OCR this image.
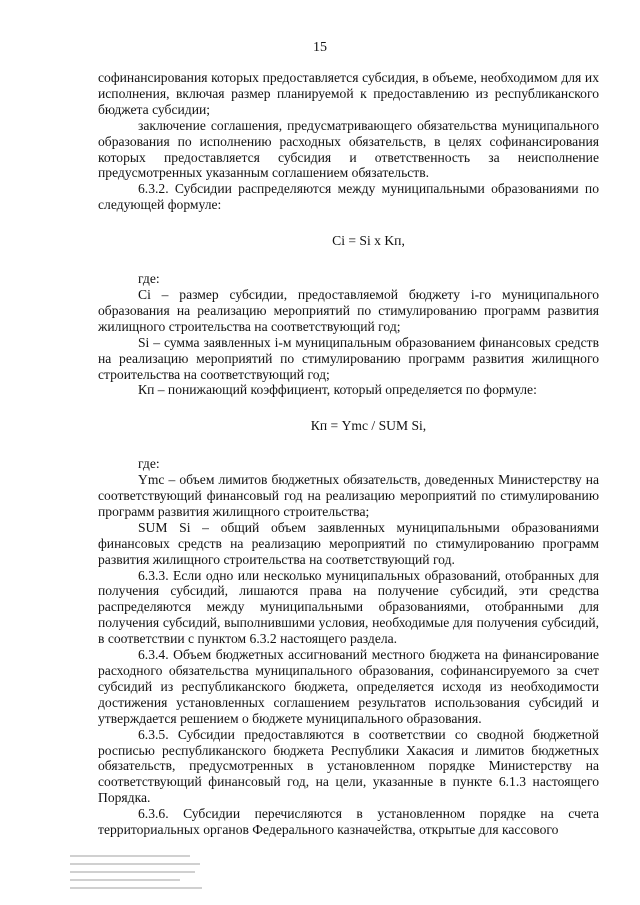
15

софинансирования которых предоставляется субсидия, в объеме, необходимом для их исполнения, включая размер планируемой к предоставлению из республиканского бюджета субсидии;

заключение соглашения, предусматривающего обязательства муниципального образования по исполнению расходных обязательств, в целях софинансирования которых предоставляется субсидия и ответственность за неисполнение предусмотренных указанным соглашением обязательств.

6.3.2. Субсидии распределяются между муниципальными образованиями по следующей формуле:

Ci = Si x Kп,

где:

Ci – размер субсидии, предоставляемой бюджету i-го муниципального образования на реализацию мероприятий по стимулированию программ развития жилищного строительства на соответствующий год;

Si – сумма заявленных i-м муниципальным образованием финансовых средств на реализацию мероприятий по стимулированию программ развития жилищного строительства на соответствующий год;

Кп – понижающий коэффициент, который определяется по формуле:

Кп = Ymc / SUM Si,

где:

Ymc – объем лимитов бюджетных обязательств, доведенных Министерству на соответствующий финансовый год на реализацию мероприятий по стимулированию программ развития жилищного строительства;

SUM Si – общий объем заявленных муниципальными образованиями финансовых средств на реализацию мероприятий по стимулированию программ развития жилищного строительства на соответствующий год.

6.3.3. Если одно или несколько муниципальных образований, отобранных для получения субсидий, лишаются права на получение субсидий, эти средства распределяются между муниципальными образованиями, отобранными для получения субсидий, выполнившими условия, необходимые для получения субсидий, в соответствии с пунктом 6.3.2 настоящего раздела.

6.3.4. Объем бюджетных ассигнований местного бюджета на финансирование расходного обязательства муниципального образования, софинансируемого за счет субсидий из республиканского бюджета, определяется исходя из необходимости достижения установленных соглашением результатов использования субсидий и утверждается решением о бюджете муниципального образования.

6.3.5. Субсидии предоставляются в соответствии со сводной бюджетной росписью республиканского бюджета Республики Хакасия и лимитов бюджетных обязательств, предусмотренных в установленном порядке Министерству на соответствующий финансовый год, на цели, указанные в пункте 6.1.3 настоящего Порядка.

6.3.6. Субсидии перечисляются в установленном порядке на счета территориальных органов Федерального казначейства, открытые для кассового
